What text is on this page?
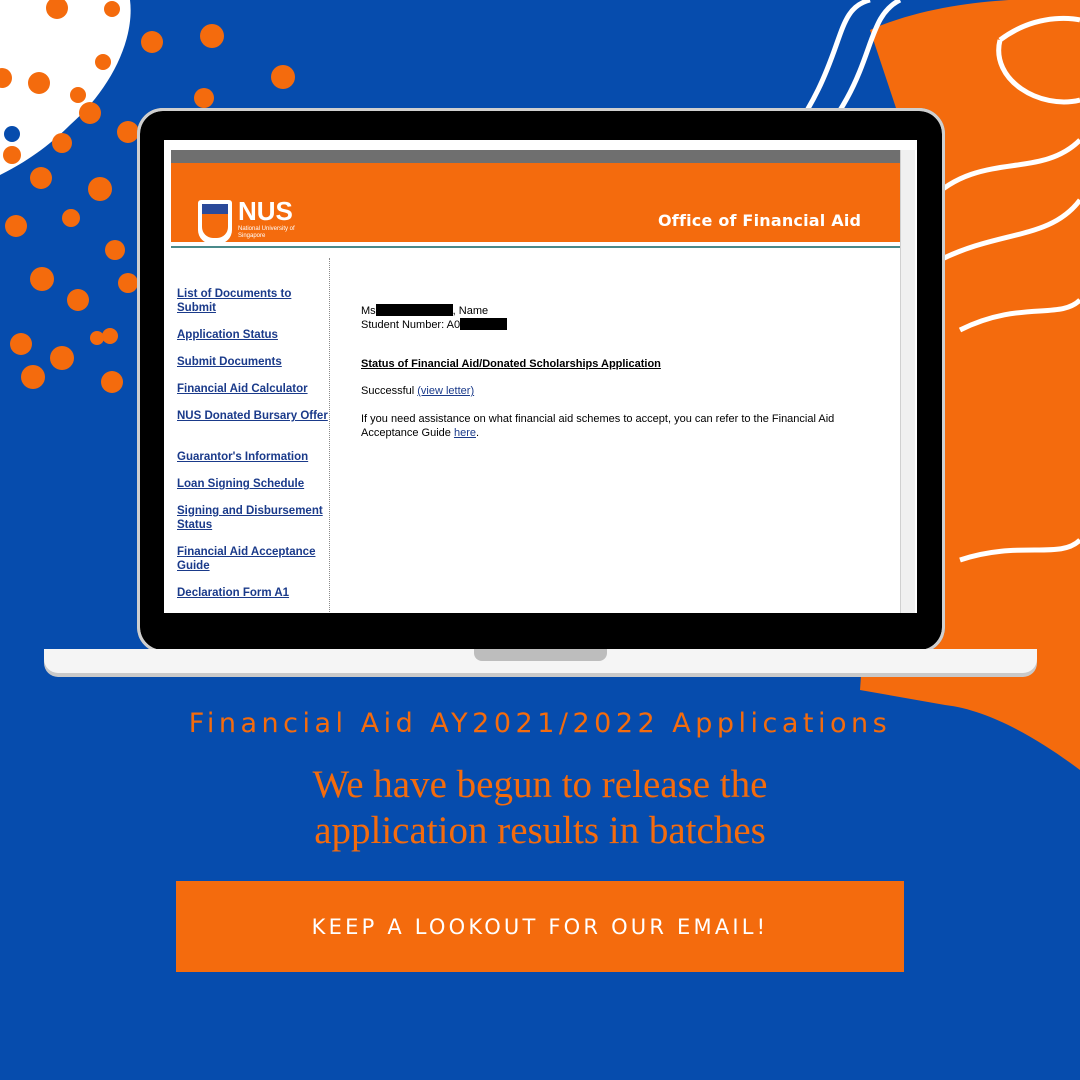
NUS
National University of Singapore
Office of Financial Aid
List of Documents to Submit
Application Status
Submit Documents
Financial Aid Calculator
NUS Donated Bursary Offer
Guarantor's Information
Loan Signing Schedule
Signing and Disbursement Status
Financial Aid Acceptance Guide
Declaration Form A1
Ms	, Name
Student Number: A0
Status of Financial Aid/Donated Scholarships Application
Successful (view letter)
If you need assistance on what financial aid schemes to accept, you can refer to the Financial Aid Acceptance Guide here.
Financial Aid AY2021/2022 Applications
We have begun to release the
application results in batches
KEEP A LOOKOUT FOR OUR EMAIL!
